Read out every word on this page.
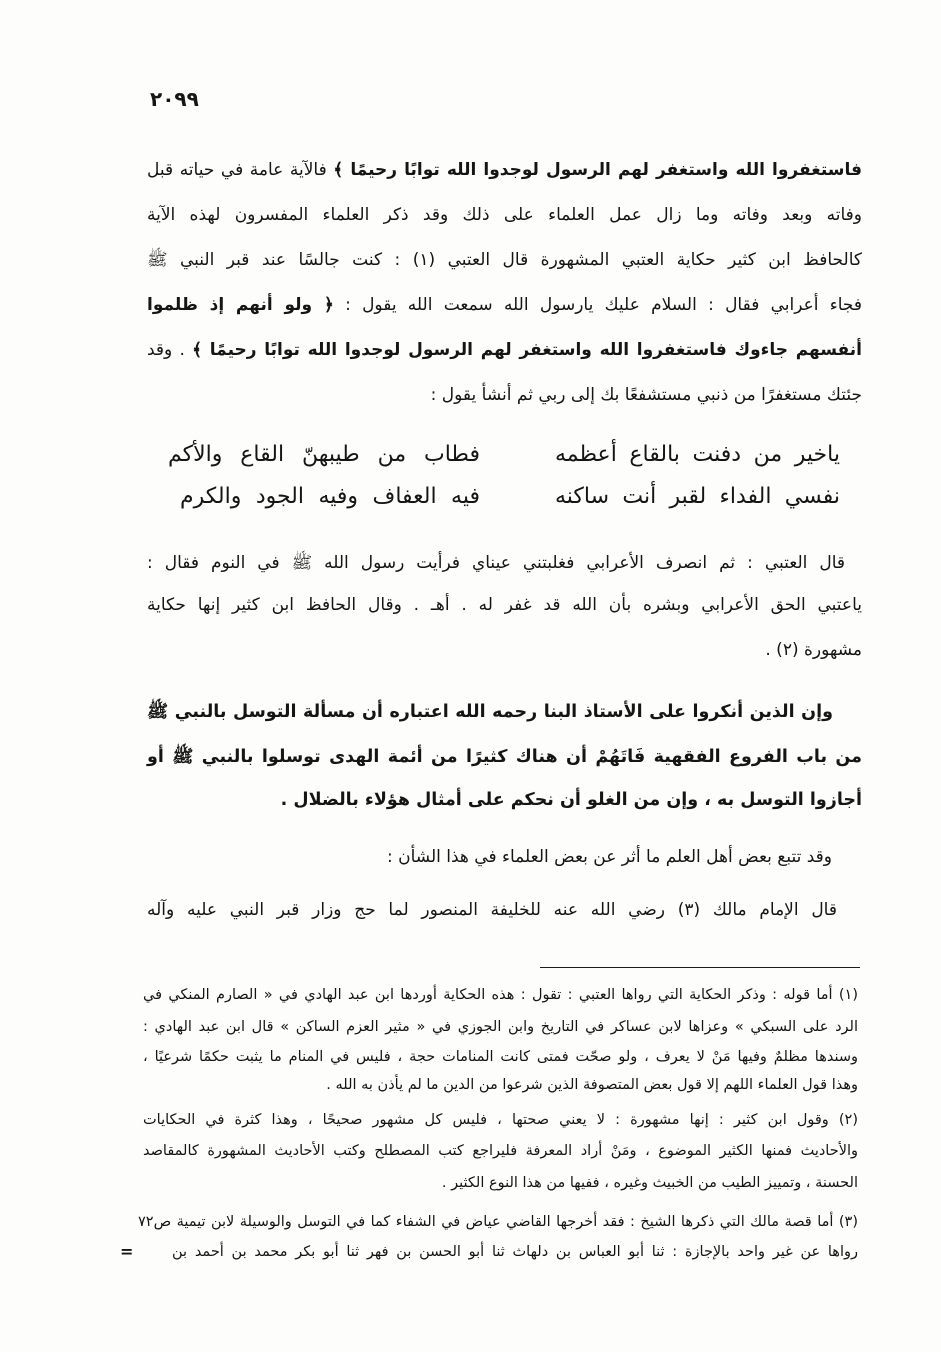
٢٠٩٩

فاستغفروا الله واستغفر لهم الرسول لوجدوا الله توابًا رحيمًا ﴾ فالآية عامة في حياته قبل

وفاته وبعد وفاته وما زال عمل العلماء على ذلك وقد ذكر العلماء المفسرون لهذه الآية

كالحافظ ابن كثير حكاية العتبي المشهورة قال العتبي (١) : كنت جالسًا عند قبر النبي ﷺ

فجاء أعرابي فقال : السلام عليك يارسول الله سمعت الله يقول : ﴿ ولو أنهم إذ ظلموا

أنفسهم جاءوك فاستغفروا الله واستغفر لهم الرسول لوجدوا الله توابًا رحيمًا ﴾ . وقد

جئتك مستغفرًا من ذنبي مستشفعًا بك إلى ربي ثم أنشأ يقول :

ياخير من دفنت بالقاع أعظمه

فطاب من طيبهنّ القاع والأكم

نفسي الفداء لقبر أنت ساكنه

فيه العفاف وفيه الجود والكرم

قال العتبي : ثم انصرف الأعرابي فغلبتني عيناي فرأيت رسول الله ﷺ في النوم فقال :

ياعتبي الحق الأعرابي وبشره بأن الله قد غفر له . أهـ . وقال الحافظ ابن كثير إنها حكاية

مشهورة (٢) .

وإن الذين أنكروا على الأستاذ البنا رحمه الله اعتباره أن مسألة التوسل بالنبي ﷺ

من باب الفروع الفقهية فَاتَهُمْ أن هناك كثيرًا من أئمة الهدى توسلوا بالنبي ﷺ أو

أجازوا التوسل به ، وإن من الغلو أن نحكم على أمثال هؤلاء بالضلال .

وقد تتبع بعض أهل العلم ما أثر عن بعض العلماء في هذا الشأن :

قال الإمام مالك (٣) رضي الله عنه للخليفة المنصور لما حج وزار قبر النبي عليه وآله

(١) أما قوله : وذكر الحكاية التي رواها العتبي : تقول : هذه الحكاية أوردها ابن عبد الهادي في « الصارم المنكي في

الرد على السبكي » وعزاها لابن عساكر في التاريخ وابن الجوزي في « مثير العزم الساكن » قال ابن عبد الهادي :

وسندها مظلمٌ وفيها مَنْ لا يعرف ، ولو صحّت فمتى كانت المنامات حجة ، فليس في المنام ما يثبت حكمًا شرعيًا ،

وهذا قول العلماء اللهم إلا قول بعض المتصوفة الذين شرعوا من الدين ما لم يأذن به الله .

(٢) وقول ابن كثير : إنها مشهورة : لا يعني صحتها ، فليس كل مشهور صحيحًا ، وهذا كثرة في الحكايات

والأحاديث فمنها الكثير الموضوع ، ومَنْ أراد المعرفة فليراجع كتب المصطلح وكتب الأحاديث المشهورة كالمقاصد

الحسنة ، وتمييز الطيب من الخبيث وغيره ، ففيها من هذا النوع الكثير .

(٣) أما قصة مالك التي ذكرها الشيخ : فقد أخرجها القاضي عياض في الشفاء كما في التوسل والوسيلة لابن تيمية ص٧٢

رواها عن غير واحد بالإجازة : ثنا أبو العباس بن دلهاث ثنا أبو الحسن بن فهر ثنا أبو بكر محمد بن أحمد بن

=
